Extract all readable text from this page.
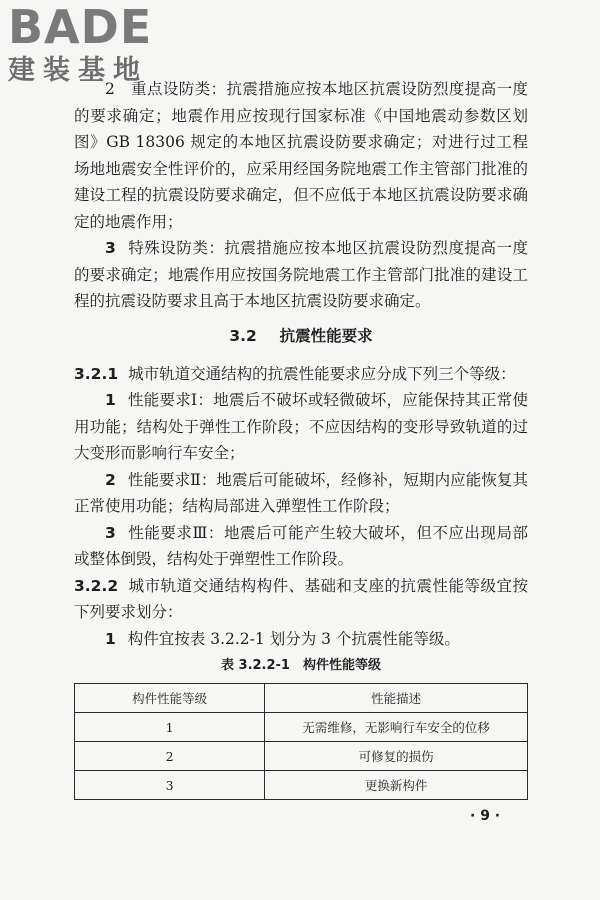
BADE
建装基地

2　重点设防类：抗震措施应按本地区抗震设防烈度提高一度的要求确定；地震作用应按现行国家标准《中国地震动参数区划图》GB 18306 规定的本地区抗震设防要求确定；对进行过工程场地地震安全性评价的，应采用经国务院地震工作主管部门批准的建设工程的抗震设防要求确定，但不应低于本地区抗震设防要求确定的地震作用；

3 特殊设防类：抗震措施应按本地区抗震设防烈度提高一度的要求确定；地震作用应按国务院地震工作主管部门批准的建设工程的抗震设防要求且高于本地区抗震设防要求确定。

3.2 抗震性能要求

3.2.1 城市轨道交通结构的抗震性能要求应分成下列三个等级：

1 性能要求Ⅰ：地震后不破坏或轻微破坏，应能保持其正常使用功能；结构处于弹性工作阶段；不应因结构的变形导致轨道的过大变形而影响行车安全；

2 性能要求Ⅱ：地震后可能破坏，经修补，短期内应能恢复其正常使用功能；结构局部进入弹塑性工作阶段；

3 性能要求Ⅲ：地震后可能产生较大破坏，但不应出现局部或整体倒毁，结构处于弹塑性工作阶段。

3.2.2 城市轨道交通结构构件、基础和支座的抗震性能等级宜按下列要求划分：

1 构件宜按表 3.2.2-1 划分为 3 个抗震性能等级。

表 3.2.2-1　构件性能等级
构件性能等级	性能描述
1	无需维修，无影响行车安全的位移
2	可修复的损伤
3	更换新构件
· 9 ·
